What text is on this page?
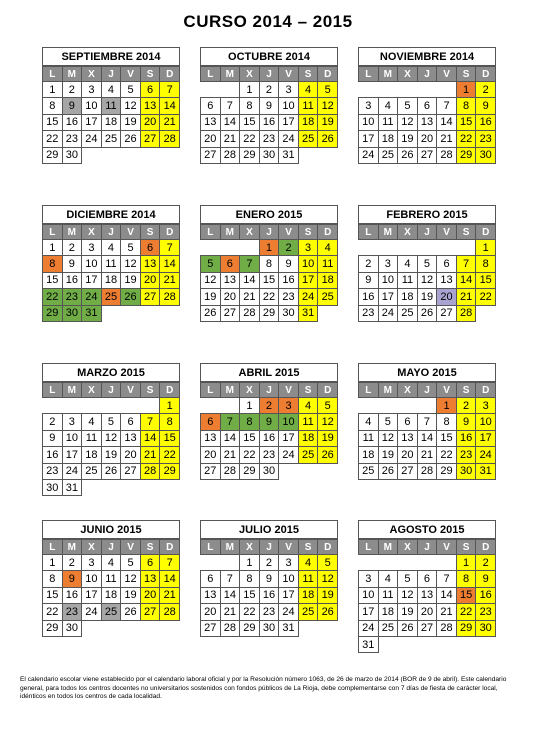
CURSO 2014 – 2015
SEPTIEMBRE 2014
L	M	X	J	V	S	D
1	2	3	4	5	6	7
8	9	10	11	12	13	14
15	16	17	18	19	20	21
22	23	24	25	26	27	28
29	30					
OCTUBRE 2014
L	M	X	J	V	S	D
		1	2	3	4	5
6	7	8	9	10	11	12
13	14	15	16	17	18	19
20	21	22	23	24	25	26
27	28	29	30	31		
NOVIEMBRE 2014
L	M	X	J	V	S	D
					1	2
3	4	5	6	7	8	9
10	11	12	13	14	15	16
17	18	19	20	21	22	23
24	25	26	27	28	29	30
DICIEMBRE 2014
L	M	X	J	V	S	D
1	2	3	4	5	6	7
8	9	10	11	12	13	14
15	16	17	18	19	20	21
22	23	24	25	26	27	28
29	30	31				
ENERO 2015
L	M	X	J	V	S	D
			1	2	3	4
5	6	7	8	9	10	11
12	13	14	15	16	17	18
19	20	21	22	23	24	25
26	27	28	29	30	31	
FEBRERO 2015
L	M	X	J	V	S	D
						1
2	3	4	5	6	7	8
9	10	11	12	13	14	15
16	17	18	19	20	21	22
23	24	25	26	27	28	
MARZO 2015
L	M	X	J	V	S	D
						1
2	3	4	5	6	7	8
9	10	11	12	13	14	15
16	17	18	19	20	21	22
23	24	25	26	27	28	29
30	31					
ABRIL 2015
L	M	X	J	V	S	D
		1	2	3	4	5
6	7	8	9	10	11	12
13	14	15	16	17	18	19
20	21	22	23	24	25	26
27	28	29	30			
MAYO 2015
L	M	X	J	V	S	D
				1	2	3
4	5	6	7	8	9	10
11	12	13	14	15	16	17
18	19	20	21	22	23	24
25	26	27	28	29	30	31
JUNIO 2015
L	M	X	J	V	S	D
1	2	3	4	5	6	7
8	9	10	11	12	13	14
15	16	17	18	19	20	21
22	23	24	25	26	27	28
29	30					
JULIO 2015
L	M	X	J	V	S	D
		1	2	3	4	5
6	7	8	9	10	11	12
13	14	15	16	17	18	19
20	21	22	23	24	25	26
27	28	29	30	31		
AGOSTO 2015
L	M	X	J	V	S	D
					1	2
3	4	5	6	7	8	9
10	11	12	13	14	15	16
17	18	19	20	21	22	23
24	25	26	27	28	29	30
31						
El calendario escolar viene establecido por el calendario laboral oficial y por la Resolución número 1063, de 26 de marzo de 2014 (BOR de 9 de abril). Este calendario general, para todos los centros docentes no universitarios sostenidos con fondos públicos de La Rioja, debe complementarse con 7 días de fiesta de carácter local, idénticos en todos los centros de cada localidad.
